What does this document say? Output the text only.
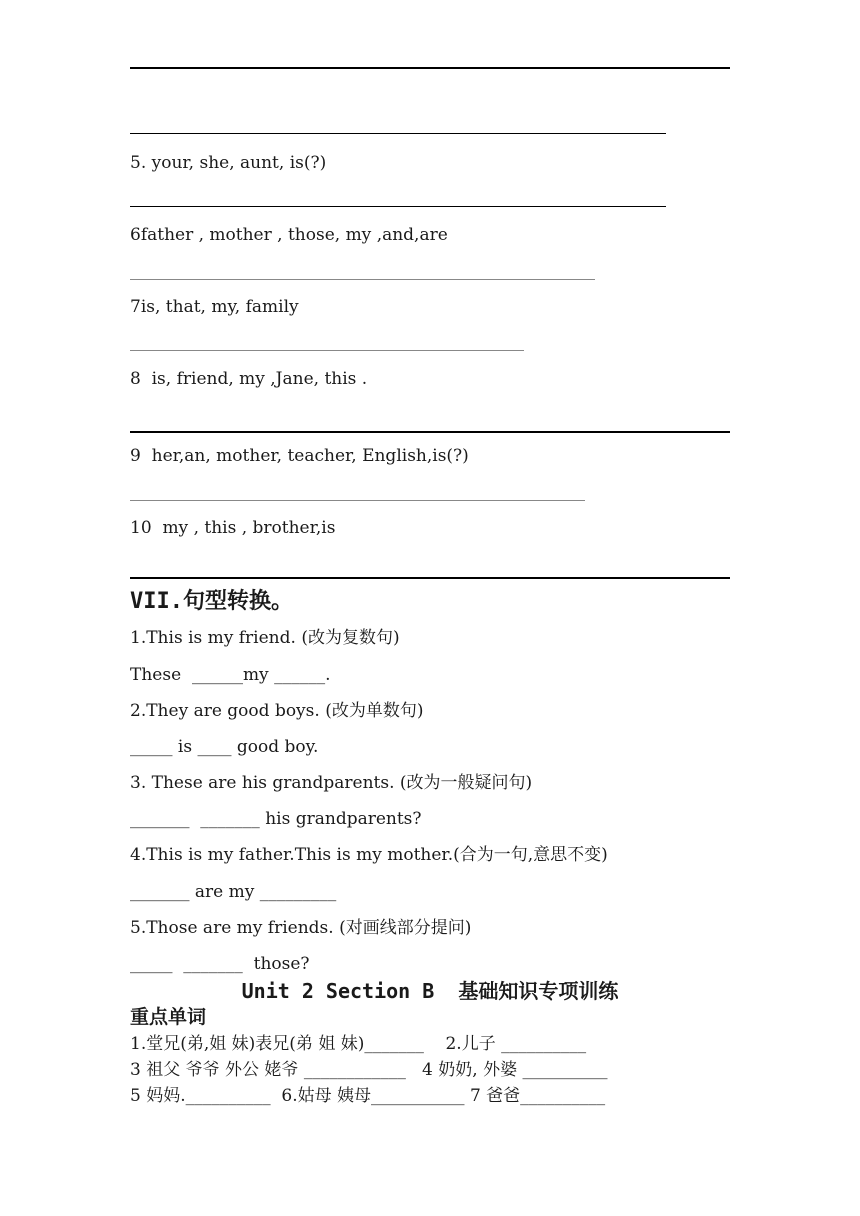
5. your, she, aunt, is(?)
6father , mother , those, my ,and,are
7is, that, my, family
8  is, friend, my ,Jane, this .
9  her,an, mother, teacher, English,is(?)
10  my , this , brother,is
VII.句型转换。
1.This is my friend. (改为复数句)
These  ______my ______.
2.They are good boys. (改为单数句)
_____ is ____ good boy.
3. These are his grandparents. (改为一般疑问句)
_______  _______ his grandparents?
4.This is my father.This is my mother.(合为一句,意思不变)
_______ are my _________
5.Those are my friends. (对画线部分提问)
_____  _______  those?
Unit 2 Section B  基础知识专项训练
重点单词
1.堂兄(弟,姐 妹)表兄(弟 姐 妹)_______    2.儿子 __________
3 祖父 爷爷 外公 姥爷 ____________   4 奶奶, 外婆 __________
5 妈妈.__________  6.姑母 姨母___________ 7 爸爸__________
